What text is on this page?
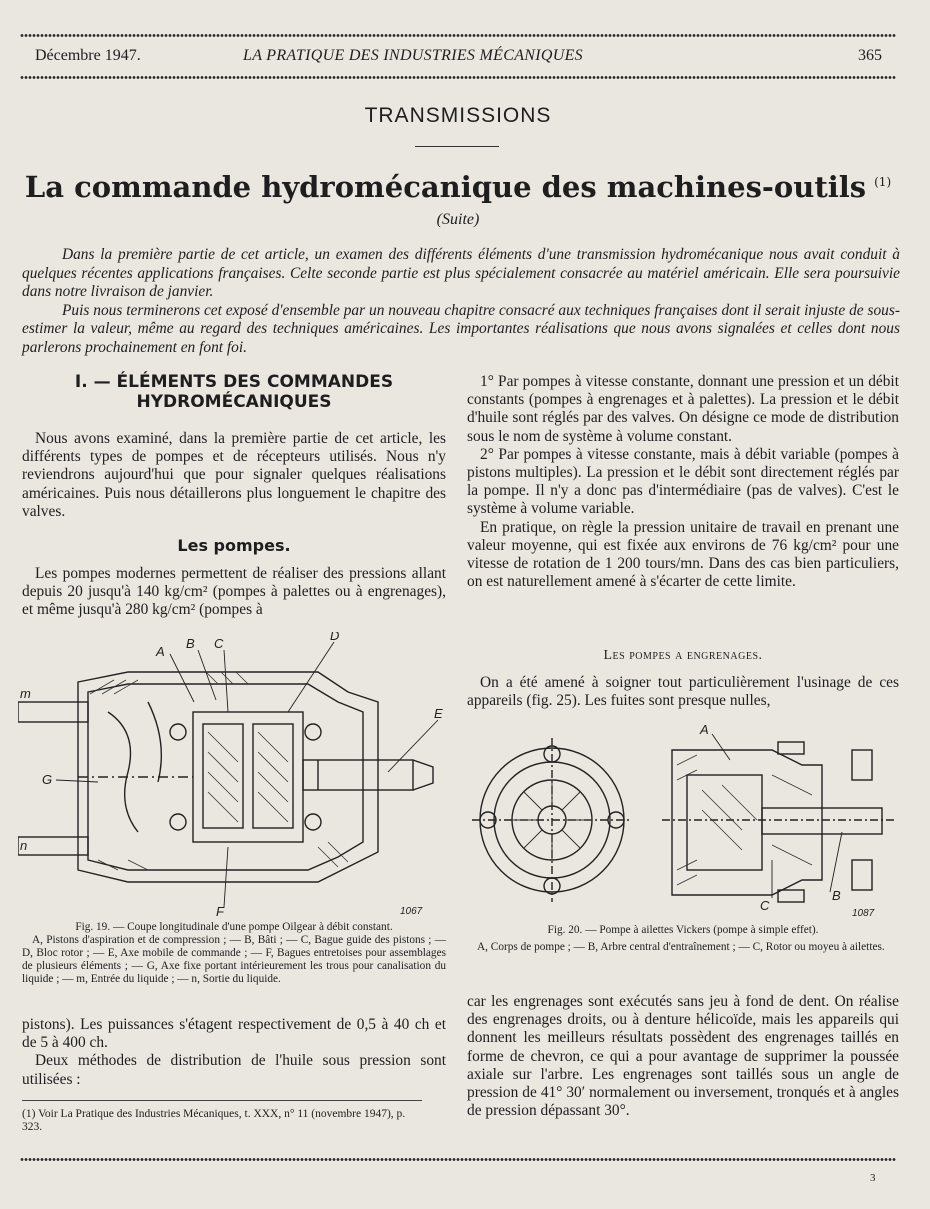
Décembre 1947.	LA PRATIQUE DES INDUSTRIES MÉCANIQUES	365
TRANSMISSIONS
La commande hydromécanique des machines-outils $^{(1)}$
(Suite)

Dans la première partie de cet article, un examen des différents éléments d'une transmission hydromécanique nous avait conduit à quelques récentes applications françaises. Celte seconde partie est plus spécialement consacrée au matériel américain. Elle sera poursuivie dans notre livraison de janvier.

Puis nous terminerons cet exposé d'ensemble par un nouveau chapitre consacré aux techniques françaises dont il serait injuste de sous-estimer la valeur, même au regard des techniques américaines. Les importantes réalisations que nous avons signalées et celles dont nous parlerons prochainement en font foi.

I. — ÉLÉMENTS DES COMMANDES HYDROMÉCANIQUES

Nous avons examiné, dans la première partie de cet article, les différents types de pompes et de récepteurs utilisés. Nous n'y reviendrons aujourd'hui que pour signaler quelques réalisations américaines. Puis nous détaillerons plus longuement le chapitre des valves.

Les pompes.

Les pompes modernes permettent de réaliser des pressions allant depuis 20 jusqu'à 140 kg/cm² (pompes à palettes ou à engrenages), et même jusqu'à 280 kg/cm² (pompes à

A
B C
D
E
m
G
n
F	1067
Fig. 19. — Coupe longitudinale d'une pompe Oilgear à débit constant.
A, Pistons d'aspiration et de compression ; — B, Bâti ; — C, Bague guide des pistons ; — D, Bloc rotor ; — E, Axe mobile de commande ; — F, Bagues entretoises pour assemblages de plusieurs éléments ; — G, Axe fixe portant intérieurement les trous pour canalisation du liquide ; — m, Entrée du liquide ; — n, Sortie du liquide.

pistons). Les puissances s'étagent respectivement de 0,5 à 40 ch et de 5 à 400 ch.

Deux méthodes de distribution de l'huile sous pression sont utilisées :

(1) Voir La Pratique des Industries Mécaniques, t. XXX, n° 11 (novembre 1947), p. 323.

1° Par pompes à vitesse constante, donnant une pression et un débit constants (pompes à engrenages et à palettes). La pression et le débit d'huile sont réglés par des valves. On désigne ce mode de distribution sous le nom de système à volume constant.

2° Par pompes à vitesse constante, mais à débit variable (pompes à pistons multiples). La pression et le débit sont directement réglés par la pompe. Il n'y a donc pas d'intermédiaire (pas de valves). C'est le système à volume variable.

En pratique, on règle la pression unitaire de travail en prenant une valeur moyenne, qui est fixée aux environs de 76 kg/cm² pour une vitesse de rotation de 1 200 tours/mn. Dans des cas bien particuliers, on est naturellement amené à s'écarter de cette limite.

Les pompes a engrenages.

On a été amené à soigner tout particulièrement l'usinage de ces appareils (fig. 25). Les fuites sont presque nulles,

A
B
C
1087
Fig. 20. — Pompe à ailettes Vickers (pompe à simple effet).
A, Corps de pompe ; — B, Arbre central d'entraînement ; — C, Rotor ou moyeu à ailettes.

car les engrenages sont exécutés sans jeu à fond de dent. On réalise des engrenages droits, ou à denture hélicoïde, mais les appareils qui donnent les meilleurs résultats possèdent des engrenages taillés en forme de chevron, ce qui a pour avantage de supprimer la poussée axiale sur l'arbre. Les engrenages sont taillés sous un angle de pression de 41° 30′ normalement ou inversement, tronqués et à angles de pression dépassant 30°.

3
